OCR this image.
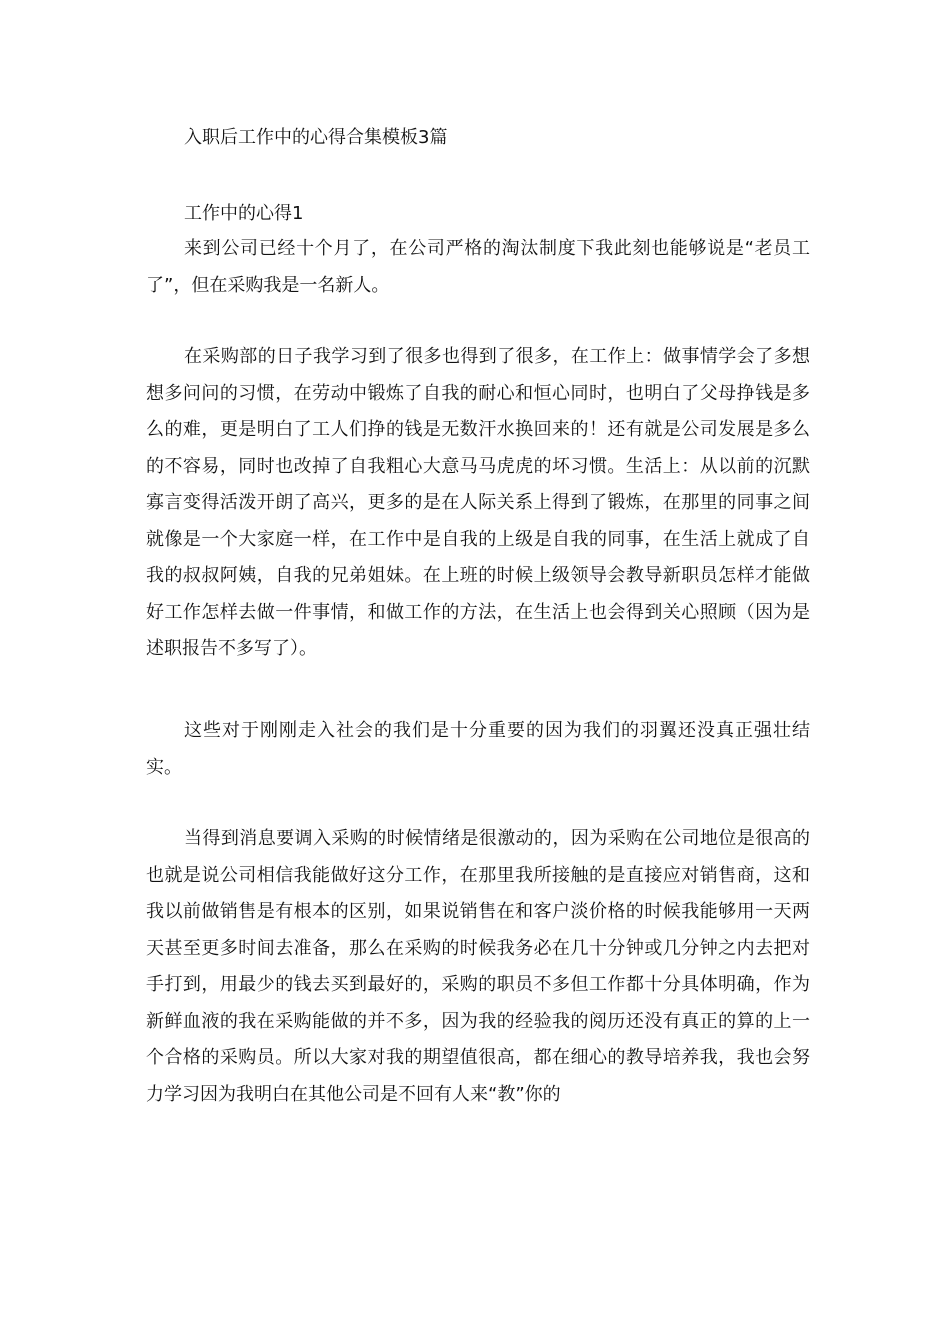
入职后工作中的心得合集模板3篇
工作中的心得1

来到公司已经十个月了，在公司严格的淘汰制度下我此刻也能够说是“老员工了”，但在采购我是一名新人。

在采购部的日子我学习到了很多也得到了很多，在工作上：做事情学会了多想想多问问的习惯，在劳动中锻炼了自我的耐心和恒心同时，也明白了父母挣钱是多么的难，更是明白了工人们挣的钱是无数汗水换回来的！还有就是公司发展是多么的不容易，同时也改掉了自我粗心大意马马虎虎的坏习惯。生活上：从以前的沉默寡言变得活泼开朗了高兴，更多的是在人际关系上得到了锻炼，在那里的同事之间就像是一个大家庭一样，在工作中是自我的上级是自我的同事，在生活上就成了自我的叔叔阿姨，自我的兄弟姐妹。在上班的时候上级领导会教导新职员怎样才能做好工作怎样去做一件事情，和做工作的方法，在生活上也会得到关心照顾（因为是述职报告不多写了）。

这些对于刚刚走入社会的我们是十分重要的因为我们的羽翼还没真正强壮结实。

当得到消息要调入采购的时候情绪是很激动的，因为采购在公司地位是很高的也就是说公司相信我能做好这分工作，在那里我所接触的是直接应对销售商，这和我以前做销售是有根本的区别，如果说销售在和客户淡价格的时候我能够用一天两天甚至更多时间去准备，那么在采购的时候我务必在几十分钟或几分钟之内去把对手打到，用最少的钱去买到最好的，采购的职员不多但工作都十分具体明确，作为新鲜血液的我在采购能做的并不多，因为我的经验我的阅历还没有真正的算的上一个合格的采购员。所以大家对我的期望值很高，都在细心的教导培养我，我也会努力学习因为我明白在其他公司是不回有人来“教”你的
